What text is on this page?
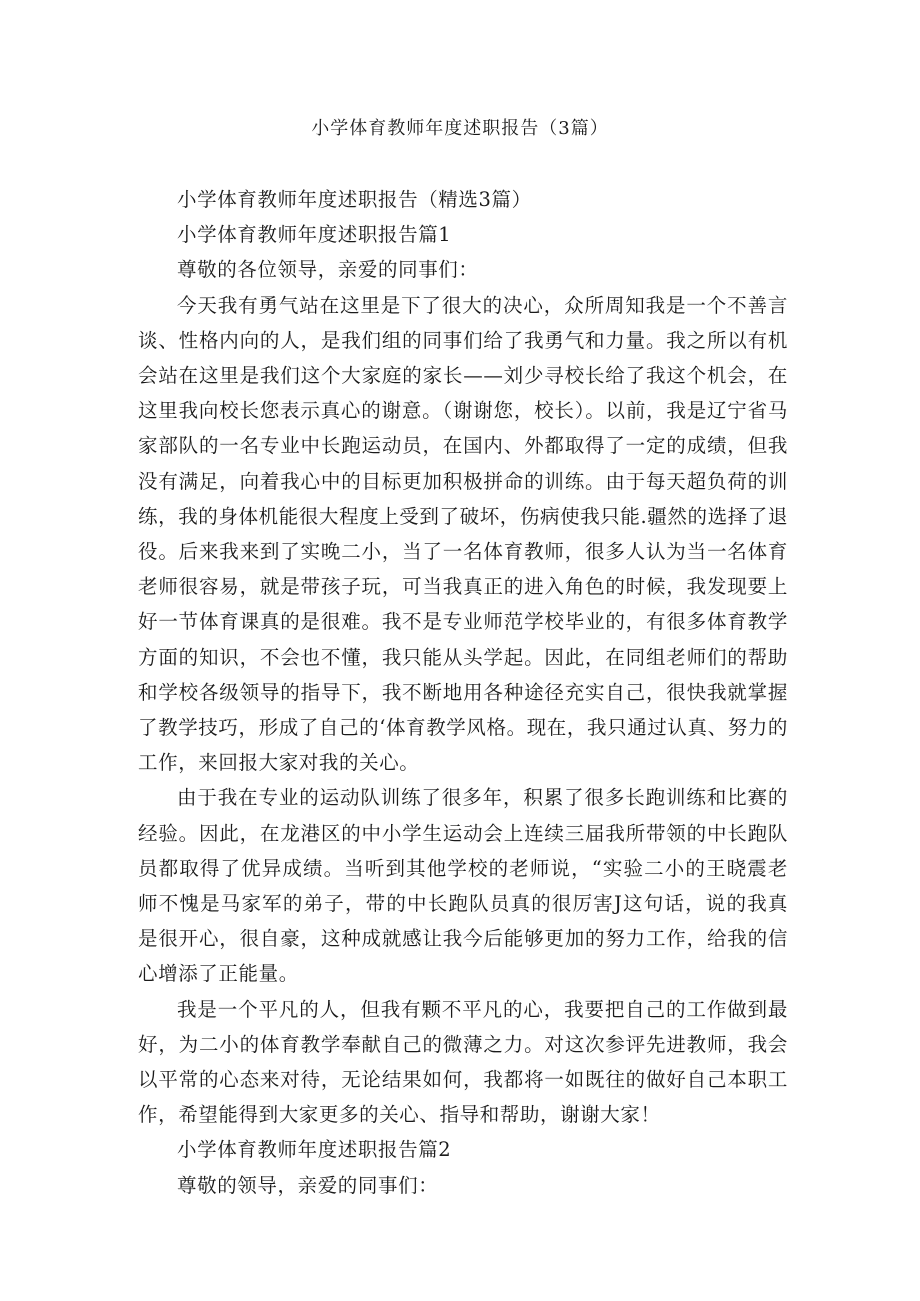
小学体育教师年度述职报告（3篇）

小学体育教师年度述职报告（精选3篇）

小学体育教师年度述职报告篇1

尊敬的各位领导，亲爱的同事们：

今天我有勇气站在这里是下了很大的决心，众所周知我是一个不善言谈、性格内向的人，是我们组的同事们给了我勇气和力量。我之所以有机会站在这里是我们这个大家庭的家长——刘少寻校长给了我这个机会，在这里我向校长您表示真心的谢意。（谢谢您，校长）。以前，我是辽宁省马家部队的一名专业中长跑运动员，在国内、外都取得了一定的成绩，但我没有满足，向着我心中的目标更加积极拼命的训练。由于每天超负荷的训练，我的身体机能很大程度上受到了破坏，伤病使我只能.疆然的选择了退役。后来我来到了实晚二小，当了一名体育教师，很多人认为当一名体育老师很容易，就是带孩子玩，可当我真正的进入角色的时候，我发现要上好一节体育课真的是很难。我不是专业师范学校毕业的，有很多体育教学方面的知识，不会也不懂，我只能从头学起。因此，在同组老师们的帮助和学校各级领导的指导下，我不断地用各种途径充实自己，很快我就掌握了教学技巧，形成了自己的‘体育教学风格。现在，我只通过认真、努力的工作，来回报大家对我的关心。

由于我在专业的运动队训练了很多年，积累了很多长跑训练和比赛的经验。因此，在龙港区的中小学生运动会上连续三届我所带领的中长跑队员都取得了优异成绩。当听到其他学校的老师说，“实验二小的王晓震老师不愧是马家军的弟子，带的中长跑队员真的很厉害J这句话，说的我真是很开心，很自豪，这种成就感让我今后能够更加的努力工作，给我的信心增添了正能量。

我是一个平凡的人，但我有颗不平凡的心，我要把自己的工作做到最好，为二小的体育教学奉献自己的微薄之力。对这次参评先进教师，我会以平常的心态来对待，无论结果如何，我都将一如既往的做好自己本职工作，希望能得到大家更多的关心、指导和帮助，谢谢大家！

小学体育教师年度述职报告篇2

尊敬的领导，亲爱的同事们：
